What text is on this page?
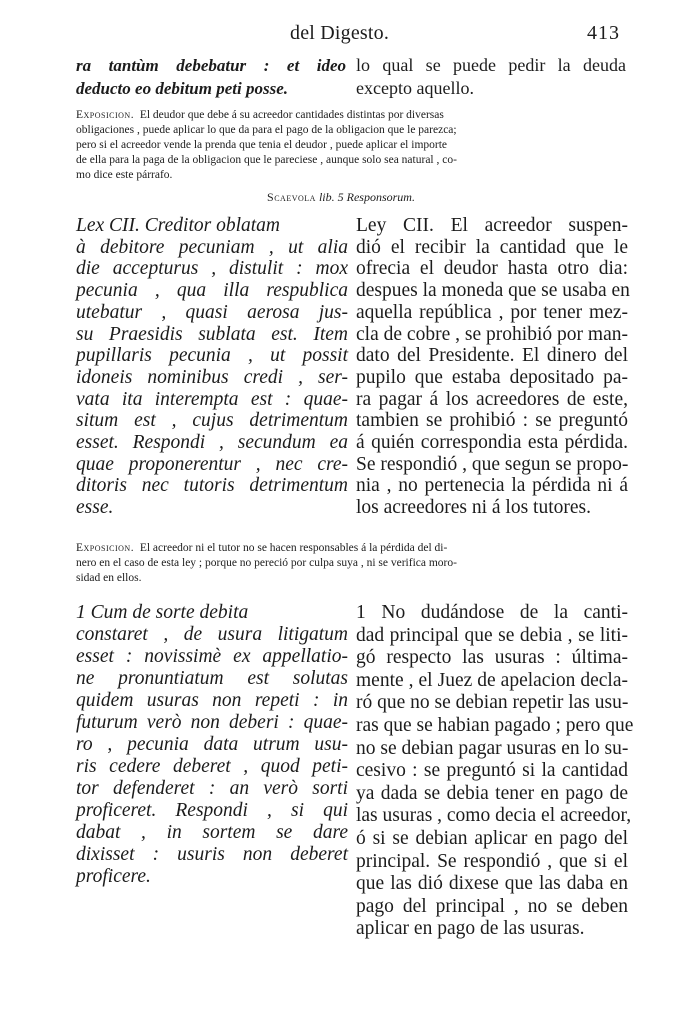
del Digesto.	413
ra tantùm debebatur : et ideo
deducto eo debitum peti posse.
lo qual se puede pedir la deuda
excepto aquello.
Exposicion. El deudor que debe á su acreedor cantidades distintas por diversas
obligaciones , puede aplicar lo que da para el pago de la obligacion que le parezca;
pero si el acreedor vende la prenda que tenia el deudor , puede aplicar el importe
de ella para la paga de la obligacion que le pareciese , aunque solo sea natural , co-
mo dice este párrafo.
Scaevola lib. 5 Responsorum.
Lex CII. Creditor oblatam
à debitore pecuniam , ut alia
die accepturus , distulit : mox
pecunia , qua illa respublica
utebatur , quasi aerosa jus-
su Praesidis sublata est. Item
pupillaris pecunia , ut possit
idoneis nominibus credi , ser-
vata ita interempta est : quae-
situm est , cujus detrimentum
esset. Respondi , secundum ea
quae proponerentur , nec cre-
ditoris nec tutoris detrimentum
esse.
Ley CII. El acreedor suspen-
dió el recibir la cantidad que le
ofrecia el deudor hasta otro dia:
despues la moneda que se usaba en
aquella república , por tener mez-
cla de cobre , se prohibió por man-
dato del Presidente. El dinero del
pupilo que estaba depositado pa-
ra pagar á los acreedores de este,
tambien se prohibió : se preguntó
á quién correspondia esta pérdida.
Se respondió , que segun se propo-
nia , no pertenecia la pérdida ni á
los acreedores ni á los tutores.
Exposicion. El acreedor ni el tutor no se hacen responsables á la pérdida del di-
nero en el caso de esta ley ; porque no pereció por culpa suya , ni se verifica moro-
sidad en ellos.
1 Cum de sorte debita
constaret , de usura litigatum
esset : novissimè ex appellatio-
ne pronuntiatum est solutas
quidem usuras non repeti : in
futurum verò non deberi : quae-
ro , pecunia data utrum usu-
ris cedere deberet , quod peti-
tor defenderet : an verò sorti
proficeret. Respondi , si qui
dabat , in sortem se dare
dixisset : usuris non deberet
proficere.
1 No dudándose de la canti-
dad principal que se debia , se liti-
gó respecto las usuras : última-
mente , el Juez de apelacion decla-
ró que no se debian repetir las usu-
ras que se habian pagado ; pero que
no se debian pagar usuras en lo su-
cesivo : se preguntó si la cantidad
ya dada se debia tener en pago de
las usuras , como decia el acreedor,
ó si se debian aplicar en pago del
principal. Se respondió , que si el
que las dió dixese que las daba en
pago del principal , no se deben
aplicar en pago de las usuras.
